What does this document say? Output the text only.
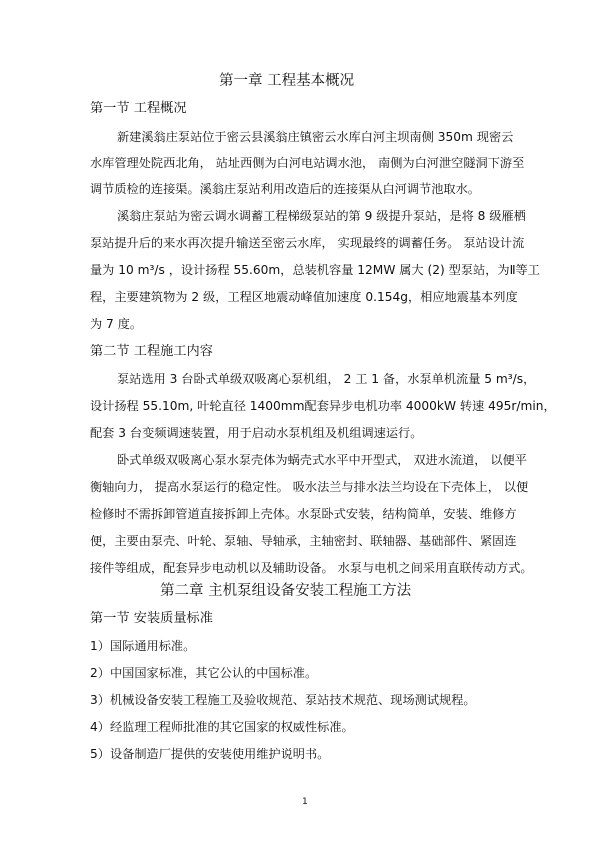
第一章 工程基本概况
第一节 工程概况
新建溪翁庄泵站位于密云县溪翁庄镇密云水库白河主坝南侧 350m 现密云
水库管理处院西北角， 站址西侧为白河电站调水池， 南侧为白河泄空隧洞下游至
调节质检的连接渠。溪翁庄泵站利用改造后的连接渠从白河调节池取水。
溪翁庄泵站为密云调水调蓄工程梯级泵站的第 9 级提升泵站，是将 8 级雁栖
泵站提升后的来水再次提升输送至密云水库， 实现最终的调蓄任务。 泵站设计流
量为 10 m³/s ，设计扬程 55.60m，总装机容量 12MW 属大 (2) 型泵站，为Ⅱ等工
程，主要建筑物为 2 级，工程区地震动峰值加速度 0.154g，相应地震基本列度
为 7 度。
第二节 工程施工内容
泵站选用 3 台卧式单级双吸离心泵机组， 2 工 1 备，水泵单机流量 5 m³/s，
设计扬程 55.10m, 叶轮直径 1400mm配套异步电机功率 4000kW 转速 495r/min，
配套 3 台变频调速装置，用于启动水泵机组及机组调速运行。
卧式单级双吸离心泵水泵壳体为蜗壳式水平中开型式， 双进水流道， 以便平
衡轴向力， 提高水泵运行的稳定性。 吸水法兰与排水法兰均设在下壳体上， 以便
检修时不需拆卸管道直接拆卸上壳体。水泵卧式安装，结构简单，安装、维修方
便，主要由泵壳、叶轮、泵轴、导轴承，主轴密封、联轴器、基础部件、紧固连
接件等组成，配套异步电动机以及辅助设备。 水泵与电机之间采用直联传动方式。
第二章 主机泵组设备安装工程施工方法
第一节 安装质量标准
1）国际通用标准。
2）中国国家标准，其它公认的中国标准。
3）机械设备安装工程施工及验收规范、泵站技术规范、现场测试规程。
4）经监理工程师批准的其它国家的权威性标准。
5）设备制造厂提供的安装使用维护说明书。
1
